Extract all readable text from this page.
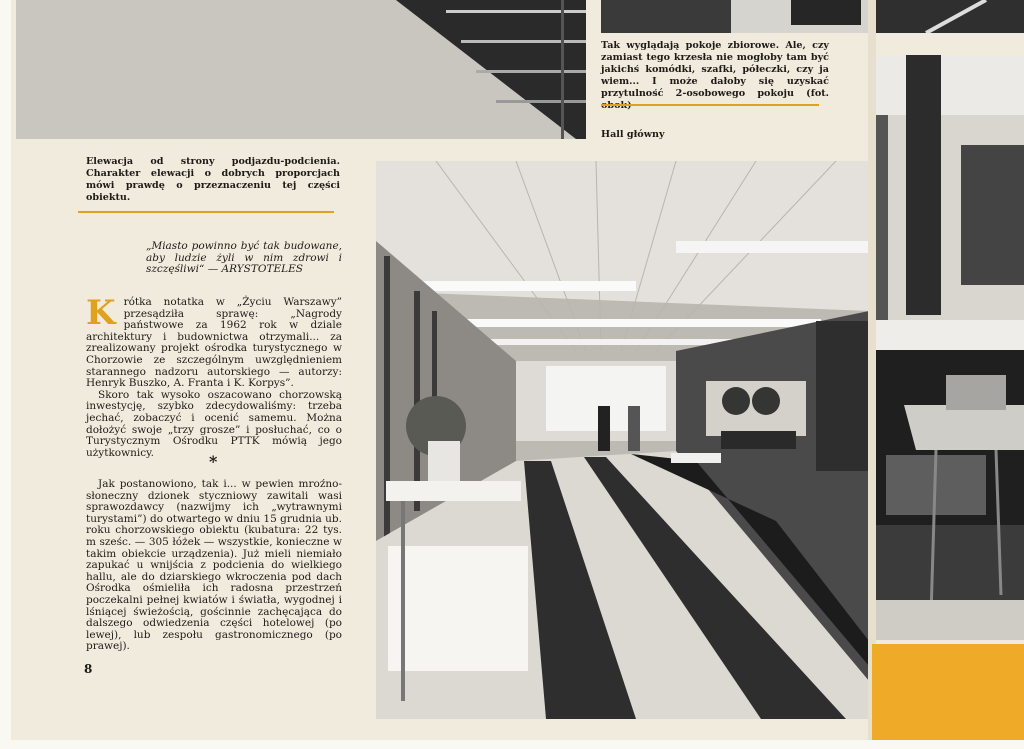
Tak wyglądają pokoje zbiorowe. Ale, czy zamiast tego krzesła nie mogłoby tam być jakichś komódki, szafki, półeczki, czy ja wiem... I może dałoby się uzyskać przytulność 2-osobowego pokoju (fot.
Hall główny
Elewacja od strony podjazdu-podcienia. Charakter elewacji o dobrych proporcjach mówi prawdę o przeznaczeniu tej części obiektu.
„Miasto powinno być tak budowane, aby ludzie żyli w nim zdrowi i szczęśliwi“ — ARYSTOTELES
K rótka notatka w „Życiu Warszawy” przesądziła sprawę: „Nagrody państwowe za 1962 rok w dziale architektury i budownictwa otrzymali... za zrealizowany projekt ośrodka turystycznego w Chorzowie ze szczególnym uwzględnieniem starannego nadzoru autorskiego — autorzy: Henryk Buszko, A. Franta i K. Korpys”.

Skoro tak wysoko oszacowano chorzowską inwestycję, szybko zdecydowaliśmy: trzeba jechać, zobaczyć i ocenić samemu. Można dołożyć swoje „trzy grosze” i posłuchać, co o Turystycznym Ośrodku PTTK mówią jego użytkownicy.	*

Jak postanowiono, tak i... w pewien mroźno-słoneczny dzionek styczniowy zawitali wasi sprawozdawcy (nazwijmy ich „wytrawnymi turystami”) do otwartego w dniu 15 grudnia ub. roku chorzowskiego obiektu (kubatura: 22 tys. m sześc. — 305 łóżek — wszystkie, konieczne w takim obiekcie urządzenia). Już mieli niemiało zapukać u wnijścia z podcienia do wielkiego hallu, ale do dziarskiego wkroczenia pod dach Ośrodka ośmieliła ich radosna przestrzeń poczekalni pełnej kwiatów i światła, wygodnej i lśniącej świeżością, gościnnie zachęcająca do dalszego odwiedzenia części hotelowej (po lewej), lub zespołu gastronomicznego (po prawej).

8
